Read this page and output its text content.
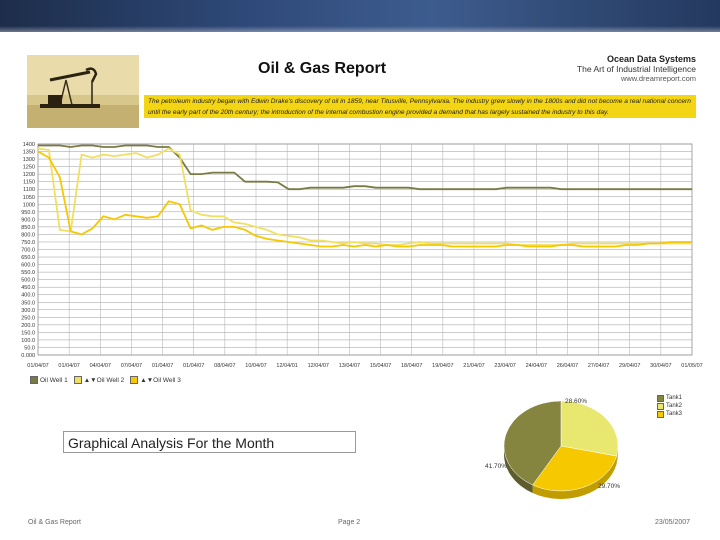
Oil & Gas Report
Ocean Data Systems
The Art of Industrial Intelligence
www.dreamreport.com
The petroleum industry began with Edwin Drake's discovery of oil in 1859, near Titusville, Pennsylvania. The industry grew slowly in the 1800s and did not become a real national concern until the early part of the 20th century; the introduction of the internal combustion engine provided a demand that has largely sustained the industry to this day.
1400
1350
1300
1250
1200
1150
1100
1050
1000
950.0
900.0
850.0
800.0
750.0
700.0
650.0
600.0
550.0
500.0
450.0
400.0
350.0
300.0
250.0
200.0
150.0
100.0
50.0
0.000
01/04/07 01/04/07 04/04/07 07/04/07 01/04/07 01/04/07 08/04/07 10/04/07 12/04/01 12/04/07 13/04/07 15/04/07 18/04/07 19/04/07 21/04/07 23/04/07 24/04/07 26/04/07 27/04/07 29/04/07 30/04/07 01/05/07
Oil Well 1 ▲▼Oil Well 2 ▲▼Oil Well 3
Graphical Analysis For the Month
41.70%
28.60%
29.70%
Tank1
Tank2
Tank3
Oil & Gas Report	Page 2	23/05/2007
